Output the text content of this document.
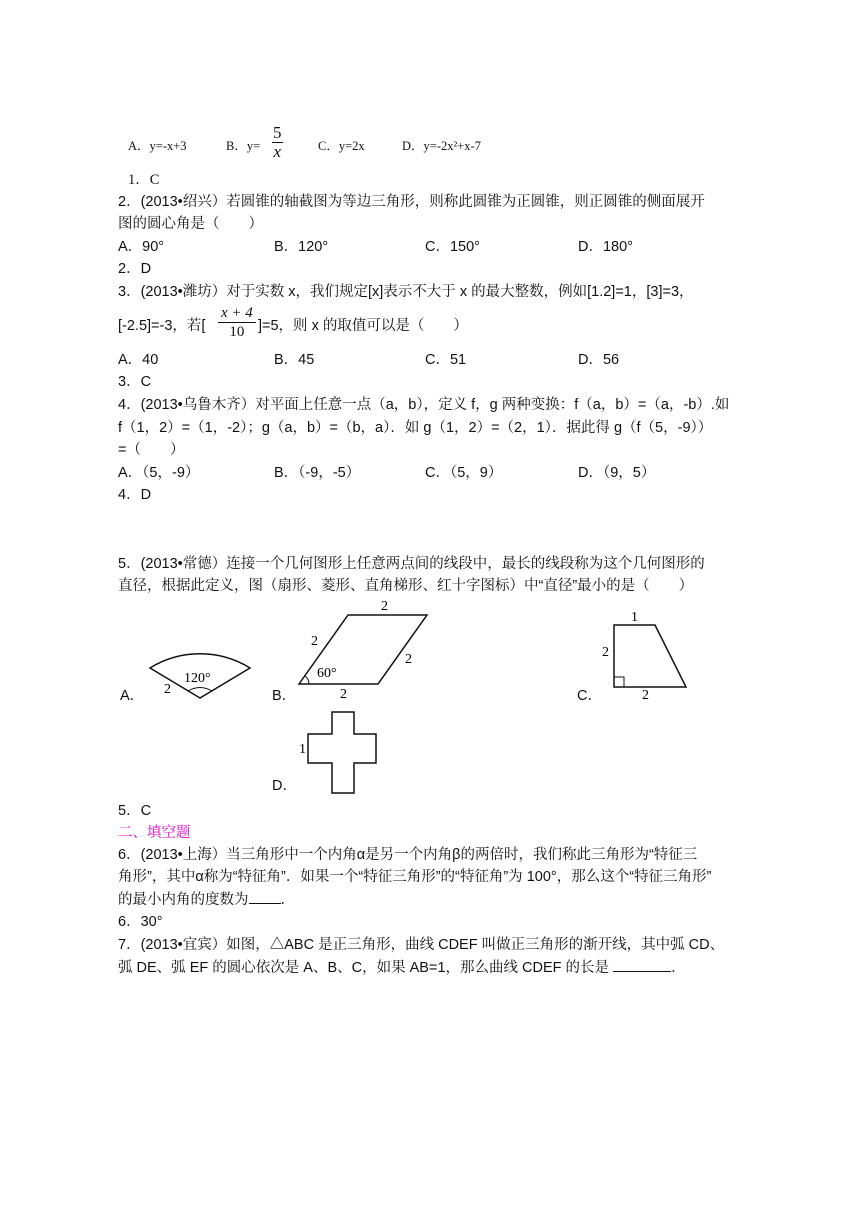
A．y=-x+3	B．y=
5
x	C．y=2x	D．y=-2x²+x-7
1．C
2．(2013•绍兴）若圆锥的轴截图为等边三角形，则称此圆锥为正圆锥，则正圆锥的侧面展开
图的圆心角是（　　）
A．90°	B．120°	C．150°	D．180°
2．D
3．(2013•潍坊）对于实数 x，我们规定[x]表示不大于 x 的最大整数，例如[1.2]=1，[3]=3，
[-2.5]=-3，若[ $\frac{x + 4}{10} ]=5$，则 x 的取值可以是（　　）
A．40	B．45	C．51	D．56
3．C
4．(2013•乌鲁木齐）对平面上任意一点（a，b），定义 f，g 两种变换：f（a，b）=（a，-b）.如
f（1，2）=（1，-2）；g（a，b）=（b，a）．如 g（1，2）=（2，1）．据此得 g（f（5，-9））
=（　　）
A．（5，-9）	B．（-9，-5）	C．（5，9）	D．（9，5）
4．D
5．(2013•常德）连接一个几何图形上任意两点间的线段中，最长的线段称为这个几何图形的
直径，根据此定义，图（扇形、菱形、直角梯形、红十字图标）中“直径”最小的是（　　）
A．	B．	C．
D．
120°
2
2
2
2
2
60°
1
2
2
1
5．C
二、填空题
6．(2013•上海）当三角形中一个内角α是另一个内角β的两倍时，我们称此三角形为“特征三
角形”，其中α称为“特征角”．如果一个“特征三角形”的“特征角”为 100°，那么这个“特征三角形”
的最小内角的度数为 ．
6．30°
7．(2013•宜宾）如图，△ABC 是正三角形，曲线 CDEF 叫做正三角形的渐开线，其中弧 CD、
弧 DE、弧 EF 的圆心依次是 A、B、C，如果 AB=1，那么曲线 CDEF 的长是	．
